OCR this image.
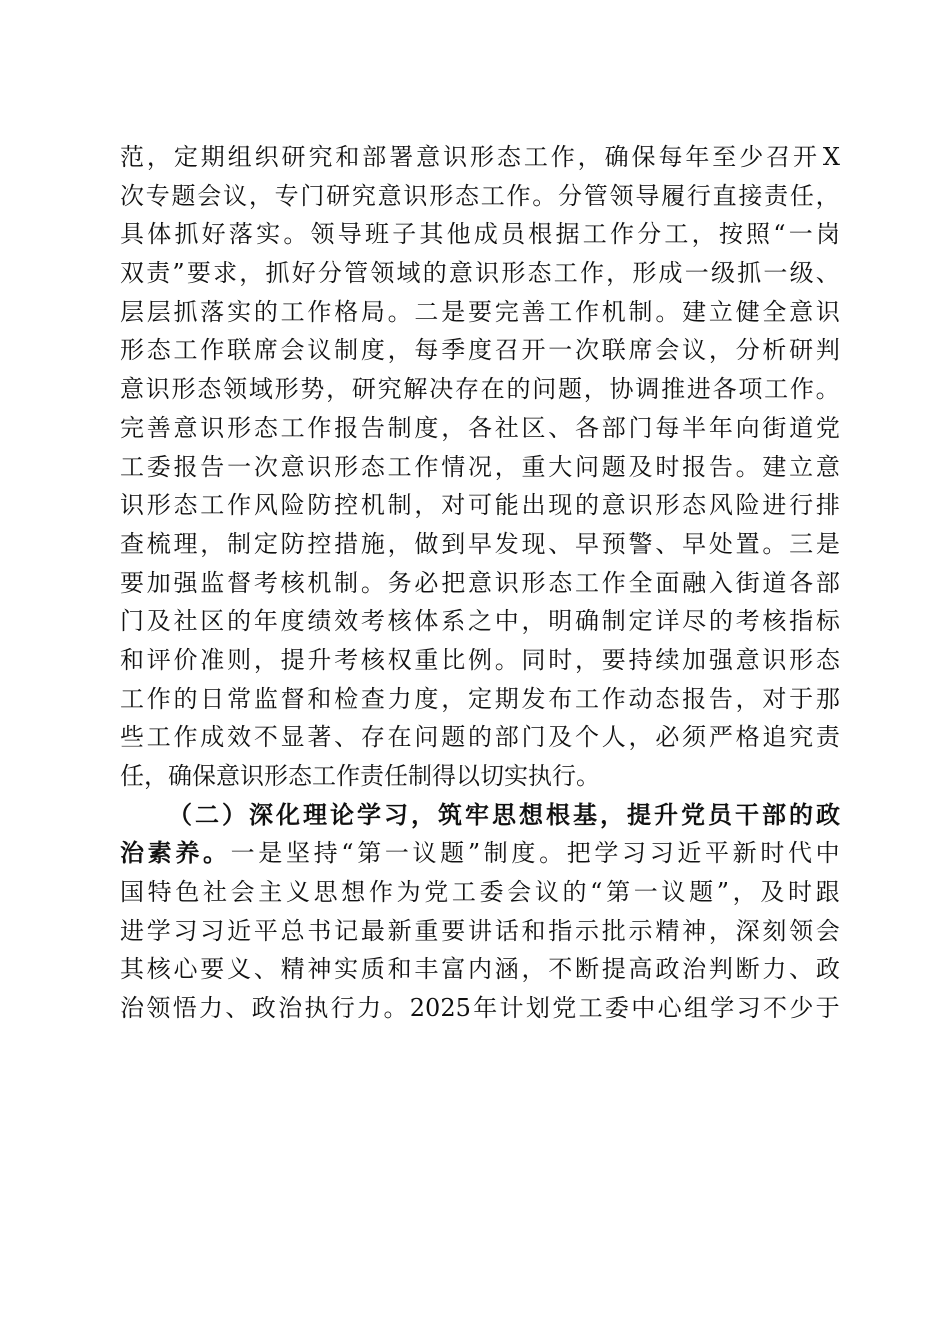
范 ， 定 期 组 织 研 究 和 部 署 意 识 形 态 工 作 ， 确 保 每 年 至 少 召 开 X
次 专 题 会 议 ， 专 门 研 究 意 识 形 态 工 作 。 分 管 领 导 履 行 直 接 责 任 ，
具 体 抓 好 落 实 。 领 导 班 子 其 他 成 员 根 据 工 作 分 工 ， 按 照 “ 一 岗
双 责 ” 要 求 ， 抓 好 分 管 领 域 的 意 识 形 态 工 作 ， 形 成 一 级 抓 一 级 、
层 层 抓 落 实 的 工 作 格 局 。 二 是 要 完 善 工 作 机 制 。 建 立 健 全 意 识
形 态 工 作 联 席 会 议 制 度 ， 每 季 度 召 开 一 次 联 席 会 议 ， 分 析 研 判
意 识 形 态 领 域 形 势 ， 研 究 解 决 存 在 的 问 题 ， 协 调 推 进 各 项 工 作 。
完 善 意 识 形 态 工 作 报 告 制 度 ， 各 社 区 、 各 部 门 每 半 年 向 街 道 党
工 委 报 告 一 次 意 识 形 态 工 作 情 况 ， 重 大 问 题 及 时 报 告 。 建 立 意
识 形 态 工 作 风 险 防 控 机 制 ， 对 可 能 出 现 的 意 识 形 态 风 险 进 行 排
查 梳 理 ， 制 定 防 控 措 施 ， 做 到 早 发 现 、 早 预 警 、 早 处 置 。 三 是
要 加 强 监 督 考 核 机 制 。 务 必 把 意 识 形 态 工 作 全 面 融 入 街 道 各 部
门 及 社 区 的 年 度 绩 效 考 核 体 系 之 中 ， 明 确 制 定 详 尽 的 考 核 指 标
和 评 价 准 则 ， 提 升 考 核 权 重 比 例 。 同 时 ， 要 持 续 加 强 意 识 形 态
工 作 的 日 常 监 督 和 检 查 力 度 ， 定 期 发 布 工 作 动 态 报 告 ， 对 于 那
些 工 作 成 效 不 显 著 、 存 在 问 题 的 部 门 及 个 人 ， 必 须 严 格 追 究 责
任，确保意识形态工作责任制得以切实执行。
（ 二 ） 深 化 理 论 学 习 ， 筑 牢 思 想 根 基 ， 提 升 党 员 干 部 的 政
治 素 养 。 一 是 坚 持 “ 第 一 议 题 ” 制 度 。 把 学 习 习 近 平 新 时 代 中
国 特 色 社 会 主 义 思 想 作 为 党 工 委 会 议 的 “ 第 一 议 题 ” ， 及 时 跟
进 学 习 习 近 平 总 书 记 最 新 重 要 讲 话 和 指 示 批 示 精 神 ， 深 刻 领 会
其 核 心 要 义 、 精 神 实 质 和 丰 富 内 涵 ， 不 断 提 高 政 治 判 断 力 、 政
治 领 悟 力 、 政 治 执 行 力 。 2025 年 计 划 党 工 委 中 心 组 学 习 不 少 于
